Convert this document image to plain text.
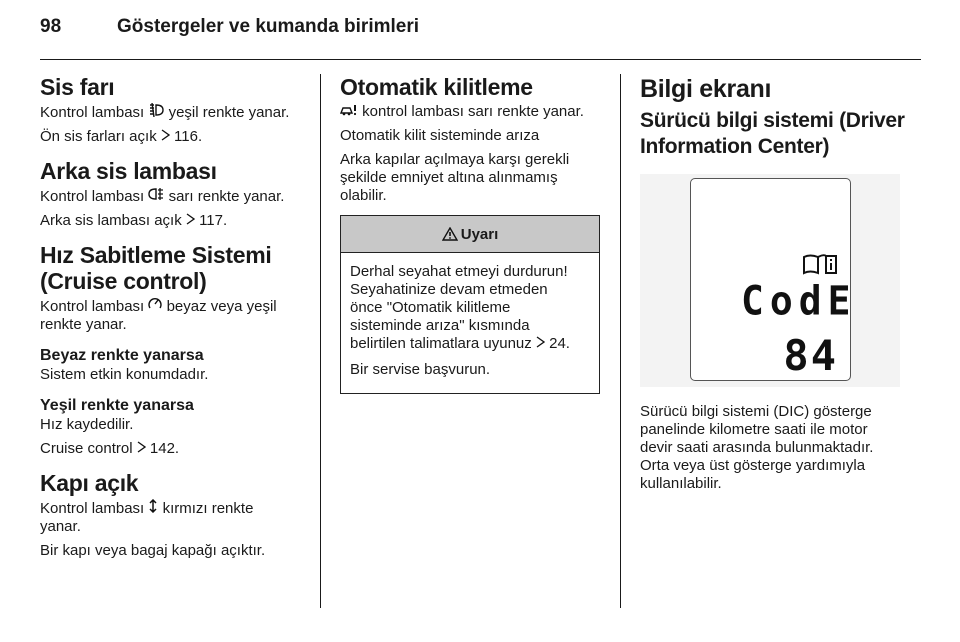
98	Göstergeler ve kumanda birimleri
Sis farı

Kontrol lambası yeşil renkte yanar.

Ön sis farları açık 116.

Arka sis lambası

Kontrol lambası sarı renkte yanar.

Arka sis lambası açık 117.

Hız Sabitleme Sistemi
(Cruise control)

Kontrol lambası beyaz veya yeşil
renkte yanar.

Beyaz renkte yanarsa

Sistem etkin konumdadır.

Yeşil renkte yanarsa

Hız kaydedilir.

Cruise control 142.

Kapı açık

Kontrol lambası kırmızı renkte
yanar.

Bir kapı veya bagaj kapağı açıktır.

Otomatik kilitleme

kontrol lambası sarı renkte yanar.

Otomatik kilit sisteminde arıza

Arka kapılar açılmaya karşı gerekli
şekilde emniyet altına alınmamış
olabilir.

Uyarı

Derhal seyahat etmeyi durdurun!
Seyahatinize devam etmeden
önce "Otomatik kilitleme
sisteminde arıza" kısmında
belirtilen talimatlara uyunuz 24.

Bir servise başvurun.

Bilgi ekranı
Sürücü bilgi sistemi (Driver
Information Center)
CodE
84

Sürücü bilgi sistemi (DIC) gösterge
panelinde kilometre saati ile motor
devir saati arasında bulunmaktadır.
Orta veya üst gösterge yardımıyla
kullanılabilir.
